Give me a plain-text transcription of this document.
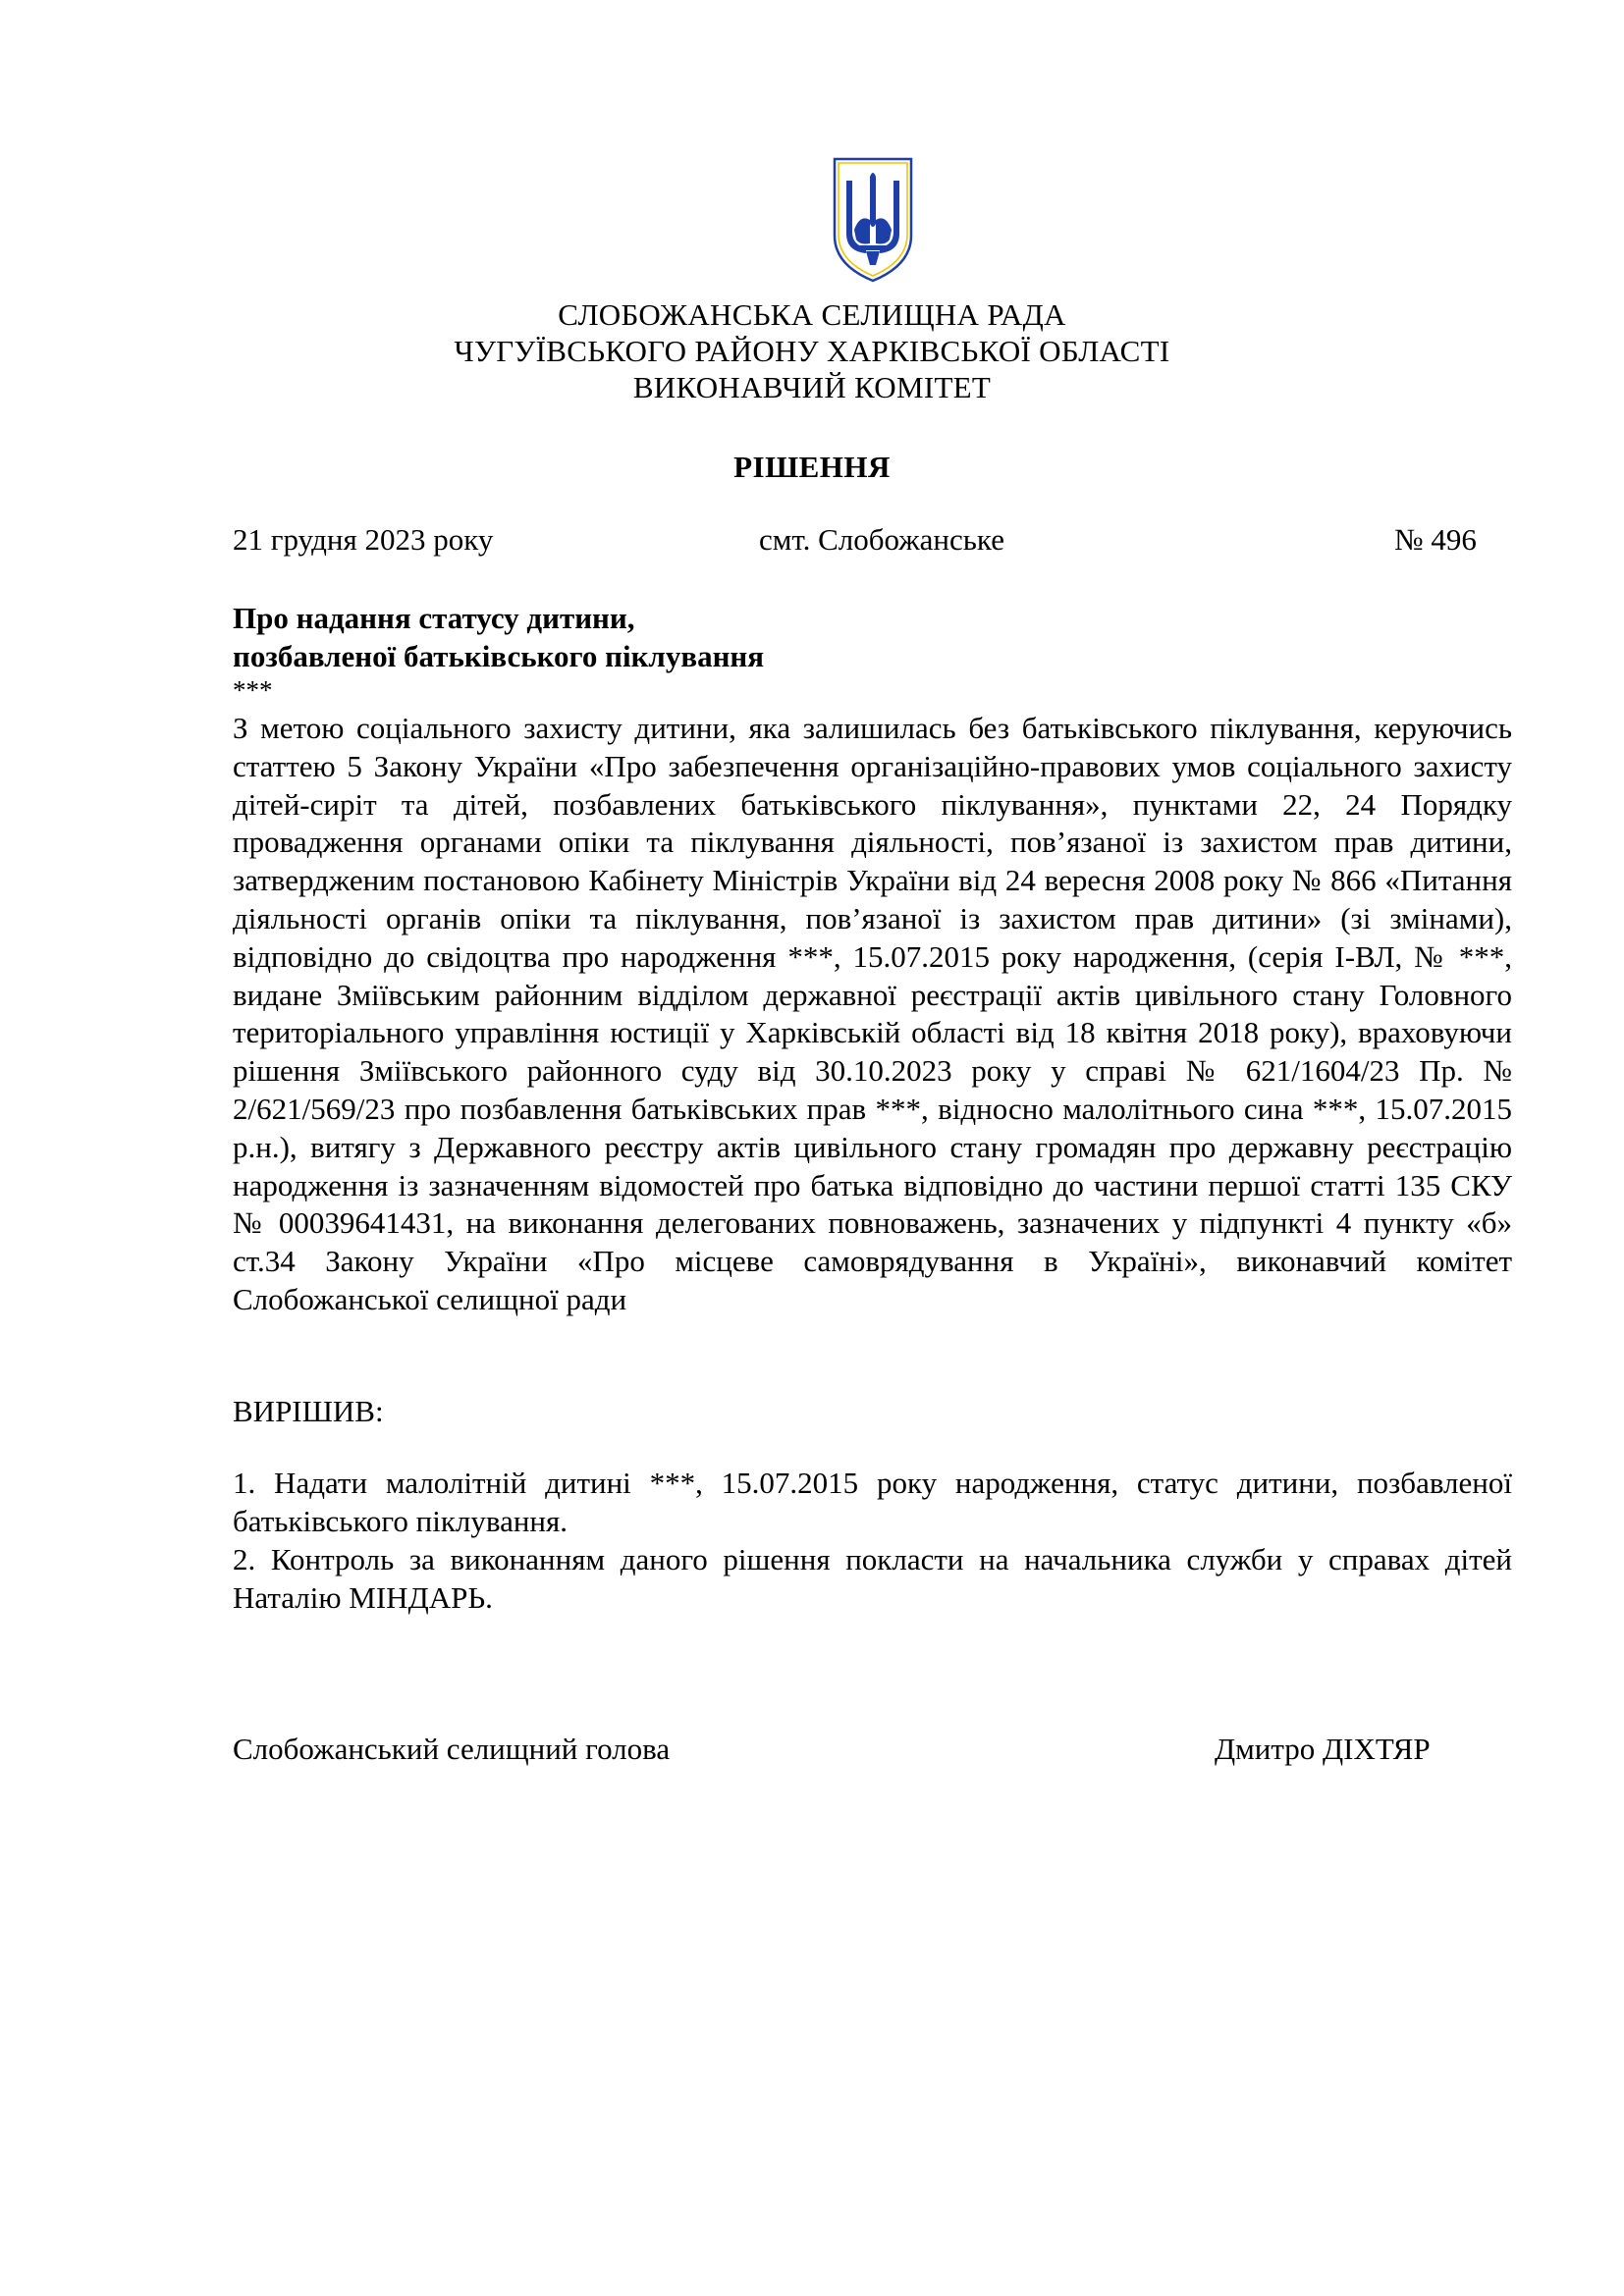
СЛОБОЖАНСЬКА СЕЛИЩНА РАДА
ЧУГУЇВСЬКОГО РАЙОНУ ХАРКІВСЬКОЇ ОБЛАСТІ
ВИКОНАВЧИЙ КОМІТЕТ
РІШЕННЯ
21 грудня 2023 року	смт. Слобожанське	№ 496
Про надання статусу дитини,
позбавленої батьківського піклування
***
З метою соціального захисту дитини, яка залишилась без батьківського піклування, керуючись статтею 5 Закону України «Про забезпечення організаційно-правових умов соціального захисту дітей-сиріт та дітей, позбавлених батьківського піклування», пунктами 22, 24 Порядку провадження органами опіки та піклування діяльності, пов’язаної із захистом прав дитини, затвердженим постановою Кабінету Міністрів України від 24 вересня 2008 року № 866 «Питання діяльності органів опіки та піклування, пов’язаної із захистом прав дитини» (зі змінами), відповідно до свідоцтва про народження ***, 15.07.2015 року народження, (серія І-ВЛ, № ***, видане Зміївським районним відділом державної реєстрації актів цивільного стану Головного територіального управління юстиції у Харківській області від 18 квітня 2018 року), враховуючи рішення Зміївського районного суду від 30.10.2023 року у справі № 621/1604/23 Пр. № 2/621/569/23 про позбавлення батьківських прав ***, відносно малолітнього сина ***, 15.07.2015 р.н.), витягу з Державного реєстру актів цивільного стану громадян про державну реєстрацію народження із зазначенням відомостей про батька відповідно до частини першої статті 135 СКУ № 00039641431, на виконання делегованих повноважень, зазначених у підпункті 4 пункту «б» ст.34 Закону України «Про місцеве самоврядування в Україні», виконавчий комітет Слобожанської селищної ради
ВИРІШИВ:
1. Надати малолітній дитині ***, 15.07.2015 року народження, статус дитини, позбавленої батьківського піклування.
2. Контроль за виконанням даного рішення покласти на начальника служби у справах дітей Наталію МІНДАРЬ.
Слобожанський селищний голова	Дмитро ДІХТЯР
